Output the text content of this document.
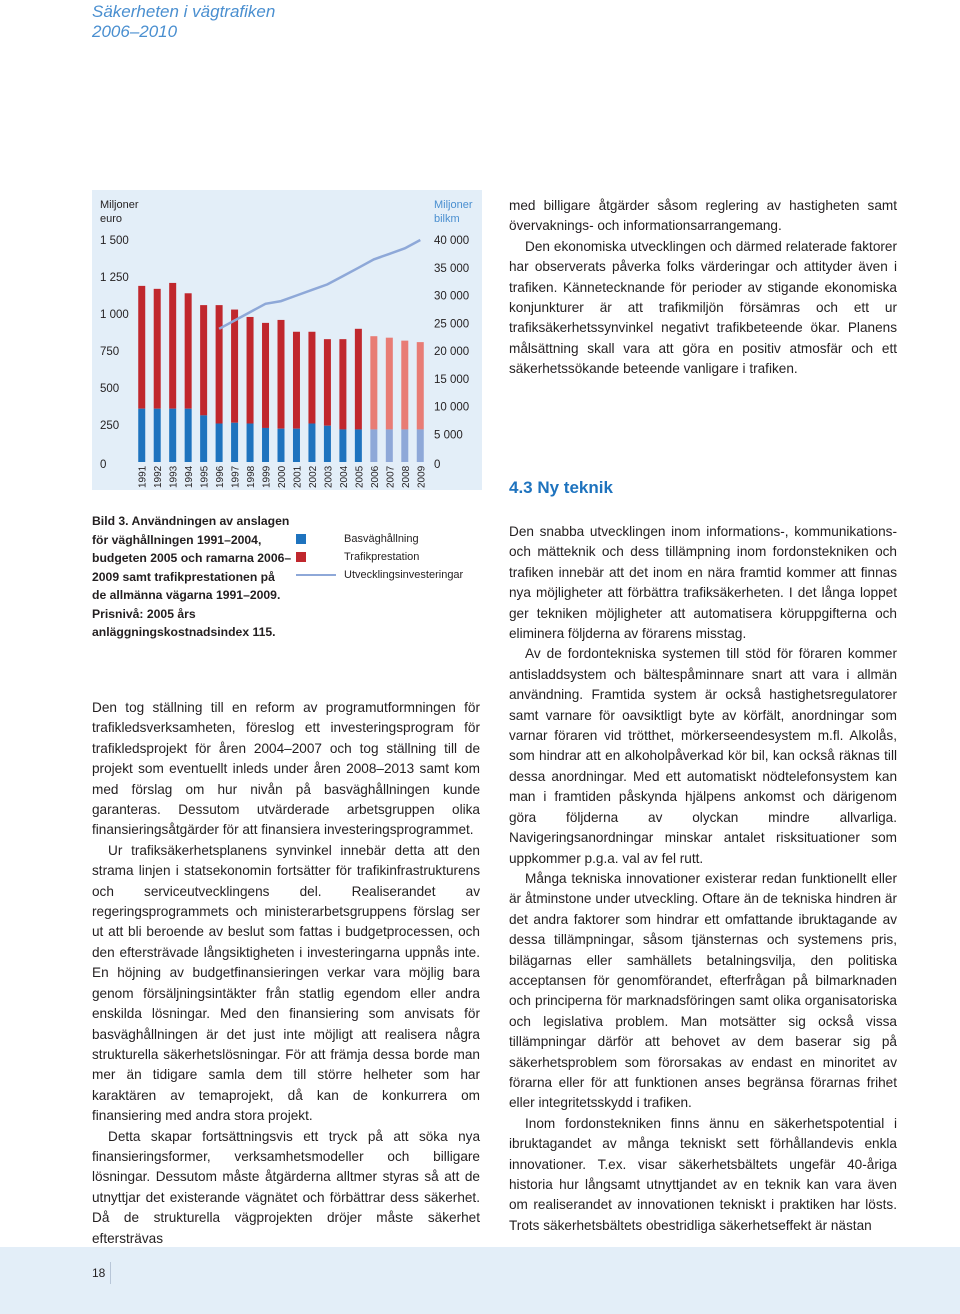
Säkerheten i vägtrafiken
2006–2010
Miljoner
euro
0
250
500
750
1 000
1 250
1 500
Miljoner
bilkm
0
5 000
10 000
15 000
20 000
25 000
30 000
35 000
40 000
1991 1992 1993 1994 1995 1996 1997 1998 1999 2000 2001 2002 2003 2004 2005 2006 2007 2008 2009
Bild 3. Användningen av anslagen för väghållningen 1991–2004, budgeten 2005 och ramarna 2006–2009 samt trafikprestationen på de allmänna vägarna 1991–2009. Prisnivå: 2005 års anläggningskostnadsindex 115.
Basväghållning
Trafikprestation
Utvecklingsinvesteringar

med billigare åtgärder såsom reglering av hastigheten samt övervaknings- och informationsarrangemang.

Den ekonomiska utvecklingen och därmed relaterade faktorer har observerats påverka folks värderingar och attityder även i trafiken. Kännetecknande för perioder av stigande ekonomiska konjunkturer är att trafikmiljön försämras och ett ur trafiksäkerhetssynvinkel negativt trafikbeteende ökar. Planens målsättning skall vara att göra en positiv atmosfär och ett säkerhetssökande beteende vanligare i trafiken.

4.3 Ny teknik

Den snabba utvecklingen inom informations-, kommunikations- och mätteknik och dess tillämpning inom fordonstekniken och trafiken innebär att det inom en nära framtid kommer att finnas nya möjligheter att förbättra trafiksäkerheten. I det långa loppet ger tekniken möjligheter att automatisera köruppgifterna och eliminera följderna av förarens misstag.

Av de fordontekniska systemen till stöd för föraren kommer antisladdsystem och bältespåminnare snart att vara i allmän användning. Framtida system är också hastighetsregulatorer samt varnare för oavsiktligt byte av körfält, anordningar som varnar föraren vid trötthet, mörkerseendesystem m.fl. Alkolås, som hindrar att en alkoholpåverkad kör bil, kan också räknas till dessa anordningar. Med ett automatiskt nödtelefonsystem kan man i framtiden påskynda hjälpens ankomst och därigenom göra följderna av olyckan mindre allvarliga. Navigeringsanordningar minskar antalet risksituationer som uppkommer p.g.a. val av fel rutt.

Många tekniska innovationer existerar redan funktionellt eller är åtminstone under utveckling. Oftare än de tekniska hindren är det andra faktorer som hindrar ett omfattande ibruktagande av dessa tillämpningar, såsom tjänsternas och systemens pris, bilägarnas eller samhällets betalningsvilja, den politiska acceptansen för genomförandet, efterfrågan på bilmarknaden och principerna för marknadsföringen samt olika organisatoriska och legislativa problem. Man motsätter sig också vissa tillämpningar därför att behovet av dem baserar sig på säkerhetsproblem som förorsakas av endast en minoritet av förarna eller för att funktionen anses begränsa förarnas frihet eller integritetsskydd i trafiken.

Inom fordonstekniken finns ännu en säkerhetspotential i ibruktagandet av många tekniskt sett förhållandevis enkla innovationer. T.ex. visar säkerhetsbältets ungefär 40-åriga historia hur långsamt utnyttjandet av en teknik kan vara även om realiserandet av innovationen tekniskt i praktiken har lösts. Trots säkerhetsbältets obestridliga säkerhetseffekt är nästan

Den tog ställning till en reform av programutformningen för trafikledsverksamheten, föreslog ett investeringsprogram för trafikledsprojekt för åren 2004–2007 och tog ställning till de projekt som eventuellt inleds under åren 2008–2013 samt kom med förslag om hur nivån på basväghållningen kunde garanteras. Dessutom utvärderade arbetsgruppen olika finansieringsåtgärder för att finansiera investeringsprogrammet.

Ur trafiksäkerhetsplanens synvinkel innebär detta att den strama linjen i statsekonomin fortsätter för trafikinfrastrukturens och serviceutvecklingens del. Realiserandet av regeringsprogrammets och ministerarbetsgruppens förslag ser ut att bli beroende av beslut som fattas i budgetprocessen, och den eftersträvade långsiktigheten i investeringarna uppnås inte. En höjning av budgetfinansieringen verkar vara möjlig bara genom försäljningsintäkter från statlig egendom eller andra enskilda lösningar. Med den finansiering som anvisats för basväghållningen är det just inte möjligt att realisera några strukturella säkerhetslösningar. För att främja dessa borde man mer än tidigare samla dem till större helheter som har karaktären av temaprojekt, då kan de konkurrera om finansiering med andra stora projekt.

Detta skapar fortsättningsvis ett tryck på att söka nya finansieringsformer, verksamhetsmodeller och billigare lösningar. Dessutom måste åtgärderna alltmer styras så att de utnyttjar det existerande vägnätet och förbättrar dess säkerhet. Då de strukturella vägprojekten dröjer måste säkerhet eftersträvas

18
